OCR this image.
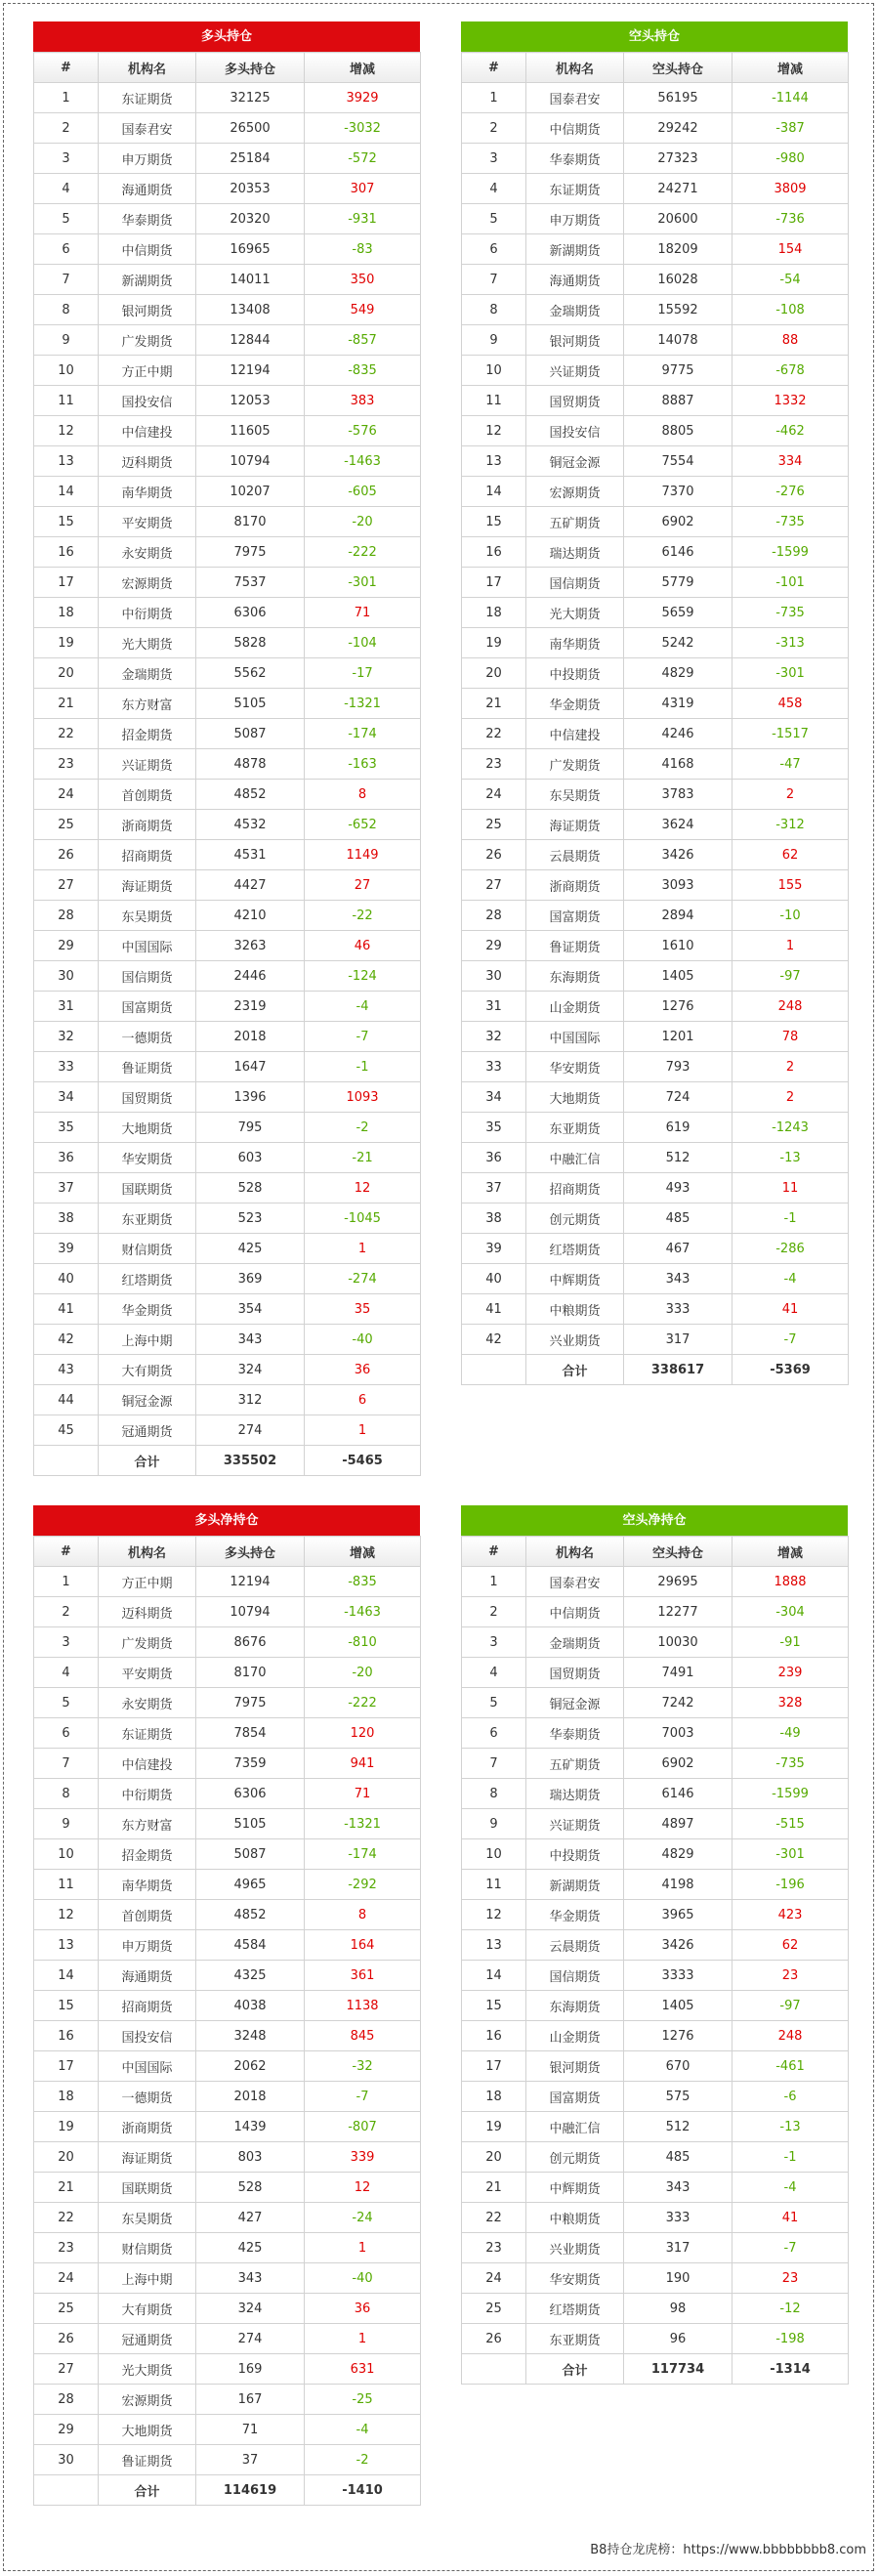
多头持仓
#	机构名	多头持仓	增减
1	东证期货	32125	3929
2	国泰君安	26500	-3032
3	申万期货	25184	-572
4	海通期货	20353	307
5	华泰期货	20320	-931
6	中信期货	16965	-83
7	新湖期货	14011	350
8	银河期货	13408	549
9	广发期货	12844	-857
10	方正中期	12194	-835
11	国投安信	12053	383
12	中信建投	11605	-576
13	迈科期货	10794	-1463
14	南华期货	10207	-605
15	平安期货	8170	-20
16	永安期货	7975	-222
17	宏源期货	7537	-301
18	中衍期货	6306	71
19	光大期货	5828	-104
20	金瑞期货	5562	-17
21	东方财富	5105	-1321
22	招金期货	5087	-174
23	兴证期货	4878	-163
24	首创期货	4852	8
25	浙商期货	4532	-652
26	招商期货	4531	1149
27	海证期货	4427	27
28	东吴期货	4210	-22
29	中国国际	3263	46
30	国信期货	2446	-124
31	国富期货	2319	-4
32	一德期货	2018	-7
33	鲁证期货	1647	-1
34	国贸期货	1396	1093
35	大地期货	795	-2
36	华安期货	603	-21
37	国联期货	528	12
38	东亚期货	523	-1045
39	财信期货	425	1
40	红塔期货	369	-274
41	华金期货	354	35
42	上海中期	343	-40
43	大有期货	324	36
44	铜冠金源	312	6
45	冠通期货	274	1
	合计	335502	-5465
空头持仓
#	机构名	空头持仓	增减
1	国泰君安	56195	-1144
2	中信期货	29242	-387
3	华泰期货	27323	-980
4	东证期货	24271	3809
5	申万期货	20600	-736
6	新湖期货	18209	154
7	海通期货	16028	-54
8	金瑞期货	15592	-108
9	银河期货	14078	88
10	兴证期货	9775	-678
11	国贸期货	8887	1332
12	国投安信	8805	-462
13	铜冠金源	7554	334
14	宏源期货	7370	-276
15	五矿期货	6902	-735
16	瑞达期货	6146	-1599
17	国信期货	5779	-101
18	光大期货	5659	-735
19	南华期货	5242	-313
20	中投期货	4829	-301
21	华金期货	4319	458
22	中信建投	4246	-1517
23	广发期货	4168	-47
24	东吴期货	3783	2
25	海证期货	3624	-312
26	云晨期货	3426	62
27	浙商期货	3093	155
28	国富期货	2894	-10
29	鲁证期货	1610	1
30	东海期货	1405	-97
31	山金期货	1276	248
32	中国国际	1201	78
33	华安期货	793	2
34	大地期货	724	2
35	东亚期货	619	-1243
36	中融汇信	512	-13
37	招商期货	493	11
38	创元期货	485	-1
39	红塔期货	467	-286
40	中辉期货	343	-4
41	中粮期货	333	41
42	兴业期货	317	-7
	合计	338617	-5369
多头净持仓
#	机构名	多头持仓	增减
1	方正中期	12194	-835
2	迈科期货	10794	-1463
3	广发期货	8676	-810
4	平安期货	8170	-20
5	永安期货	7975	-222
6	东证期货	7854	120
7	中信建投	7359	941
8	中衍期货	6306	71
9	东方财富	5105	-1321
10	招金期货	5087	-174
11	南华期货	4965	-292
12	首创期货	4852	8
13	申万期货	4584	164
14	海通期货	4325	361
15	招商期货	4038	1138
16	国投安信	3248	845
17	中国国际	2062	-32
18	一德期货	2018	-7
19	浙商期货	1439	-807
20	海证期货	803	339
21	国联期货	528	12
22	东吴期货	427	-24
23	财信期货	425	1
24	上海中期	343	-40
25	大有期货	324	36
26	冠通期货	274	1
27	光大期货	169	631
28	宏源期货	167	-25
29	大地期货	71	-4
30	鲁证期货	37	-2
	合计	114619	-1410
空头净持仓
#	机构名	空头持仓	增减
1	国泰君安	29695	1888
2	中信期货	12277	-304
3	金瑞期货	10030	-91
4	国贸期货	7491	239
5	铜冠金源	7242	328
6	华泰期货	7003	-49
7	五矿期货	6902	-735
8	瑞达期货	6146	-1599
9	兴证期货	4897	-515
10	中投期货	4829	-301
11	新湖期货	4198	-196
12	华金期货	3965	423
13	云晨期货	3426	62
14	国信期货	3333	23
15	东海期货	1405	-97
16	山金期货	1276	248
17	银河期货	670	-461
18	国富期货	575	-6
19	中融汇信	512	-13
20	创元期货	485	-1
21	中辉期货	343	-4
22	中粮期货	333	41
23	兴业期货	317	-7
24	华安期货	190	23
25	红塔期货	98	-12
26	东亚期货	96	-198
	合计	117734	-1314
B8持仓龙虎榜：https://www.bbbbbbbb8.com
